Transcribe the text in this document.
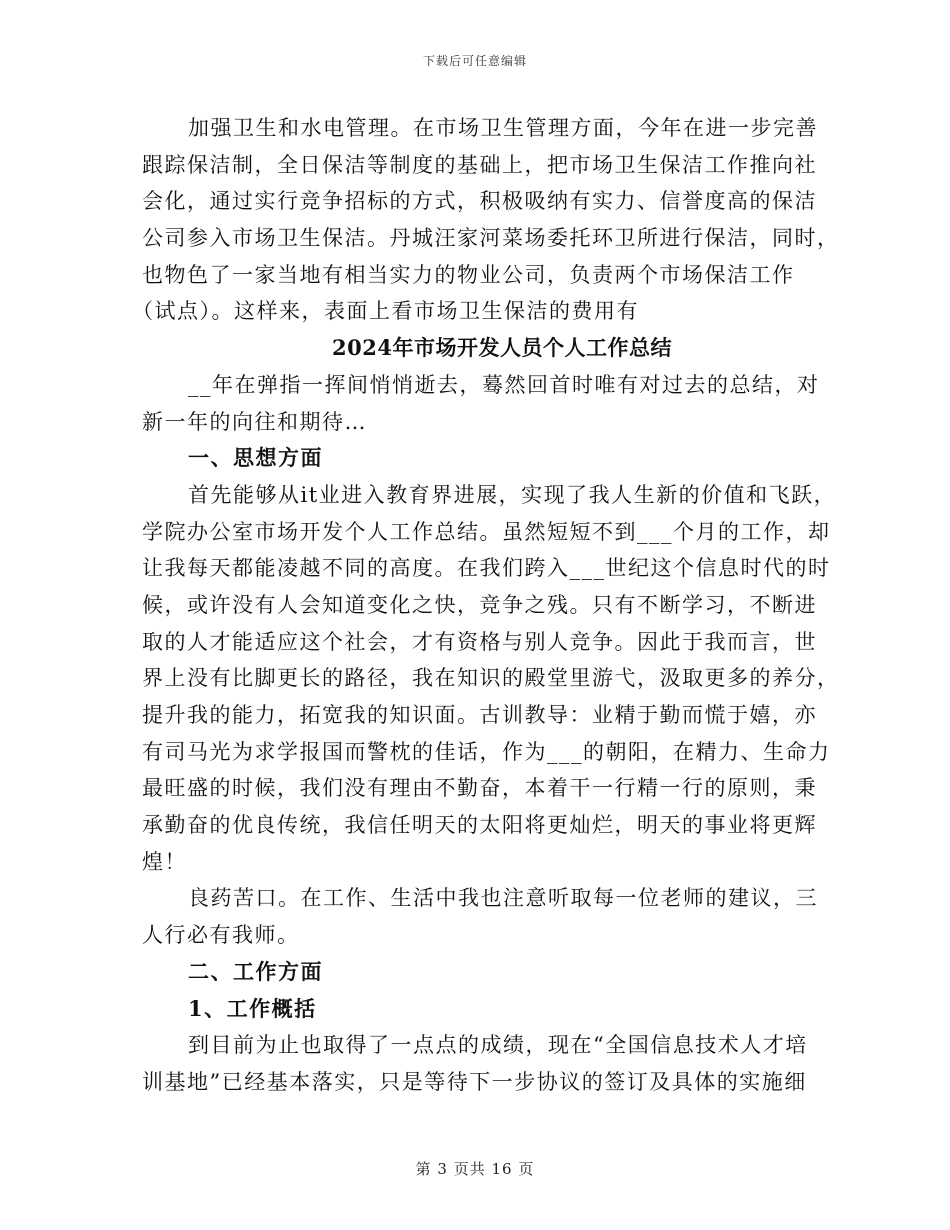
下载后可任意编辑
加强卫生和水电管理。在市场卫生管理方面，今年在进一步完善
跟踪保洁制，全日保洁等制度的基础上，把市场卫生保洁工作推向社
会化，通过实行竞争招标的方式，积极吸纳有实力、信誉度高的保洁
公司参入市场卫生保洁。丹城汪家河菜场委托环卫所进行保洁，同时，
也物色了一家当地有相当实力的物业公司，负责两个市场保洁工作
（试点）。这样来，表面上看市场卫生保洁的费用有
2024年市场开发人员个人工作总结
__年在弹指一挥间悄悄逝去，蓦然回首时唯有对过去的总结，对
新一年的向往和期待…
一、思想方面
首先能够从it业进入教育界进展，实现了我人生新的价值和飞跃，
学院办公室市场开发个人工作总结。虽然短短不到___个月的工作，却
让我每天都能凌越不同的高度。在我们跨入___世纪这个信息时代的时
候，或许没有人会知道变化之快，竞争之残。只有不断学习，不断进
取的人才能适应这个社会，才有资格与别人竞争。因此于我而言，世
界上没有比脚更长的路径，我在知识的殿堂里游弋，汲取更多的养分，
提升我的能力，拓宽我的知识面。古训教导：业精于勤而慌于嬉，亦
有司马光为求学报国而警枕的佳话，作为___的朝阳，在精力、生命力
最旺盛的时候，我们没有理由不勤奋，本着干一行精一行的原则，秉
承勤奋的优良传统，我信任明天的太阳将更灿烂，明天的事业将更辉
煌！
良药苦口。在工作、生活中我也注意听取每一位老师的建议，三
人行必有我师。
二、工作方面
1、工作概括
到目前为止也取得了一点点的成绩，现在“全国信息技术人才培
训基地”已经基本落实，只是等待下一步协议的签订及具体的实施细
第 3 页共 16 页
